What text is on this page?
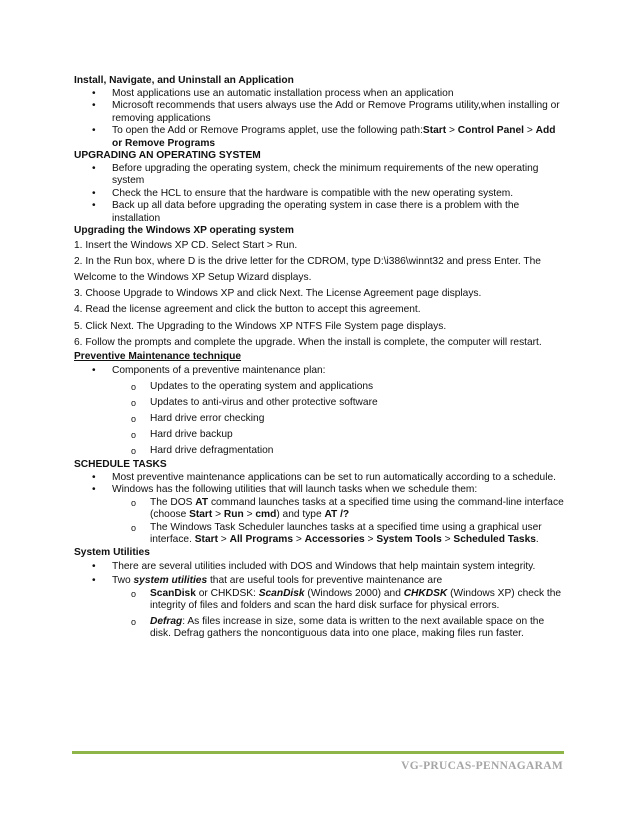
Install, Navigate, and Uninstall an Application

• Most applications use an automatic installation process when an application
• Microsoft recommends that users always use the Add or Remove Programs utility,when installing or removing applications
• To open the Add or Remove Programs applet, use the following path:Start > Control Panel > Add or Remove Programs

UPGRADING AN OPERATING SYSTEM

• Before upgrading the operating system, check the minimum requirements of the new operating system
• Check the HCL to ensure that the hardware is compatible with the new operating system.
• Back up all data before upgrading the operating system in case there is a problem with the installation

Upgrading the Windows XP operating system

1. Insert the Windows XP CD. Select Start > Run.

2. In the Run box, where D is the drive letter for the CDROM, type D:\i386\winnt32 and press Enter. The Welcome to the Windows XP Setup Wizard displays.

3. Choose Upgrade to Windows XP and click Next. The License Agreement page displays.

4. Read the license agreement and click the button to accept this agreement.

5. Click Next. The Upgrading to the Windows XP NTFS File System page displays.

6. Follow the prompts and complete the upgrade. When the install is complete, the computer will restart.

Preventive Maintenance technique

• Components of a preventive maintenance plan:
o Updates to the operating system and applications
o Updates to anti-virus and other protective software
o Hard drive error checking
o Hard drive backup
o Hard drive defragmentation

SCHEDULE TASKS

• Most preventive maintenance applications can be set to run automatically according to a schedule.
• Windows has the following utilities that will launch tasks when we schedule them:
o The DOS AT command launches tasks at a specified time using the command-line interface (choose Start > Run > cmd) and type AT /?
o The Windows Task Scheduler launches tasks at a specified time using a graphical user interface. Start > All Programs > Accessories > System Tools > Scheduled Tasks.

System Utilities

• There are several utilities included with DOS and Windows that help maintain system integrity.
• Two system utilities that are useful tools for preventive maintenance are
o ScanDisk or CHKDSK: ScanDisk (Windows 2000) and CHKDSK (Windows XP) check the integrity of files and folders and scan the hard disk surface for physical errors.
o Defrag: As files increase in size, some data is written to the next available space on the disk. Defrag gathers the noncontiguous data into one place, making files run faster.
VG-PRUCAS-PENNAGARAM
